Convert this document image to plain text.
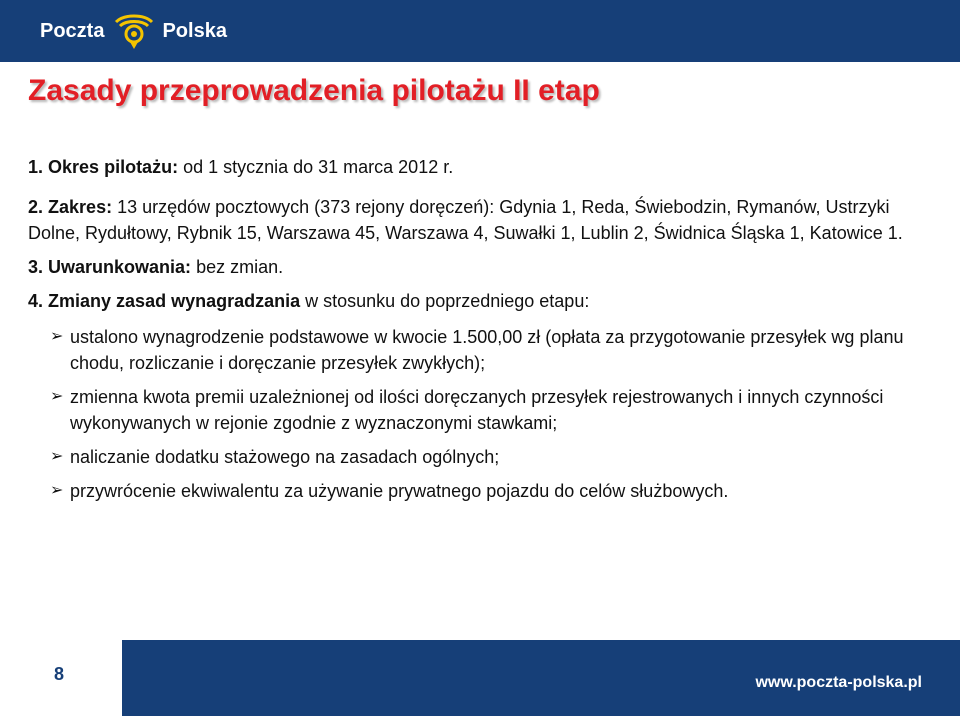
Poczta	Polska
Zasady przeprowadzenia pilotażu II etap

1. Okres pilotażu: od 1 stycznia do 31 marca 2012 r.

2. Zakres: 13 urzędów pocztowych (373 rejony doręczeń): Gdynia 1, Reda, Świebodzin, Rymanów, Ustrzyki Dolne, Rydułtowy, Rybnik 15, Warszawa 45, Warszawa 4, Suwałki 1, Lublin 2, Świdnica Śląska 1, Katowice 1.

3. Uwarunkowania: bez zmian.

4. Zmiany zasad wynagradzania w stosunku do poprzedniego etapu:

➢ ustalono wynagrodzenie podstawowe w kwocie 1.500,00 zł (opłata za przygotowanie przesyłek wg planu chodu, rozliczanie i doręczanie przesyłek zwykłych);
➢ zmienna kwota premii uzależnionej od ilości doręczanych przesyłek rejestrowanych i innych czynności wykonywanych w rejonie zgodnie z wyznaczonymi stawkami;
➢ naliczanie dodatku stażowego na zasadach ogólnych;
➢ przywrócenie ekwiwalentu za używanie prywatnego pojazdu do celów służbowych.
8	www.poczta-polska.pl
